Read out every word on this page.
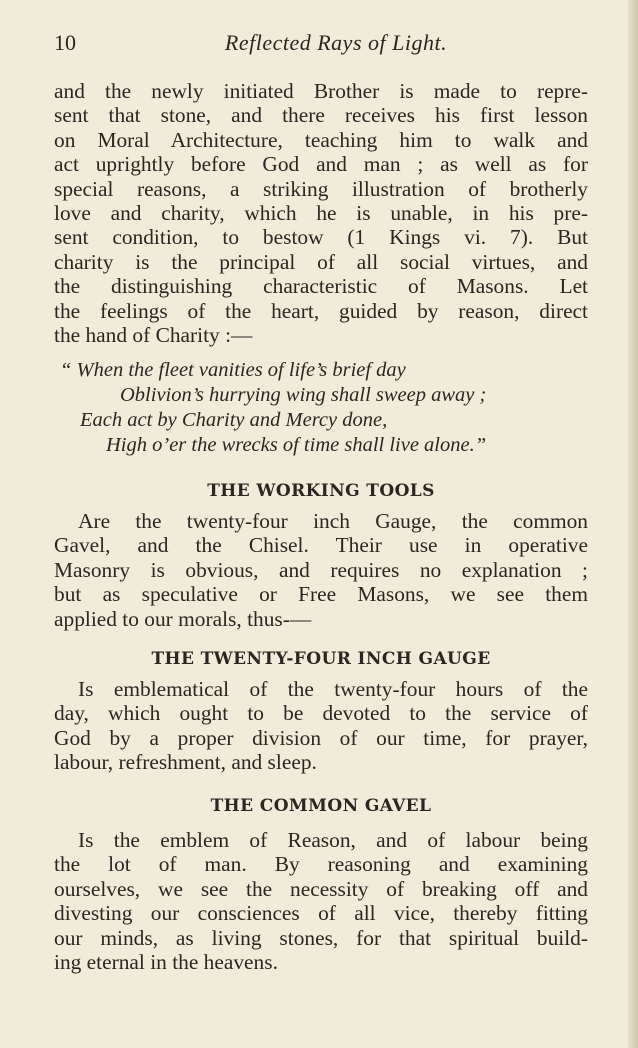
10	Reflected Rays of Light.
and the newly initiated Brother is made to repre-
sent that stone, and there receives his first lesson
on Moral Architecture, teaching him to walk and
act uprightly before God and man ; as well as for
special reasons, a striking illustration of brotherly
love and charity, which he is unable, in his pre-
sent condition, to bestow (1 Kings vi. 7). But
charity is the principal of all social virtues, and
the distinguishing characteristic of Masons. Let
the feelings of the heart, guided by reason, direct
the hand of Charity :—
“ When the fleet vanities of life’s brief day
Oblivion’s hurrying wing shall sweep away ;
Each act by Charity and Mercy done,
High o’er the wrecks of time shall live alone.”
THE WORKING TOOLS
Are the twenty-four inch Gauge, the common
Gavel, and the Chisel. Their use in operative
Masonry is obvious, and requires no explanation ;
but as speculative or Free Masons, we see them
applied to our morals, thus-—
THE TWENTY-FOUR INCH GAUGE
Is emblematical of the twenty-four hours of the
day, which ought to be devoted to the service of
God by a proper division of our time, for prayer,
labour, refreshment, and sleep.
THE COMMON GAVEL
Is the emblem of Reason, and of labour being
the lot of man. By reasoning and examining
ourselves, we see the necessity of breaking off and
divesting our consciences of all vice, thereby fitting
our minds, as living stones, for that spiritual build-
ing eternal in the heavens.
